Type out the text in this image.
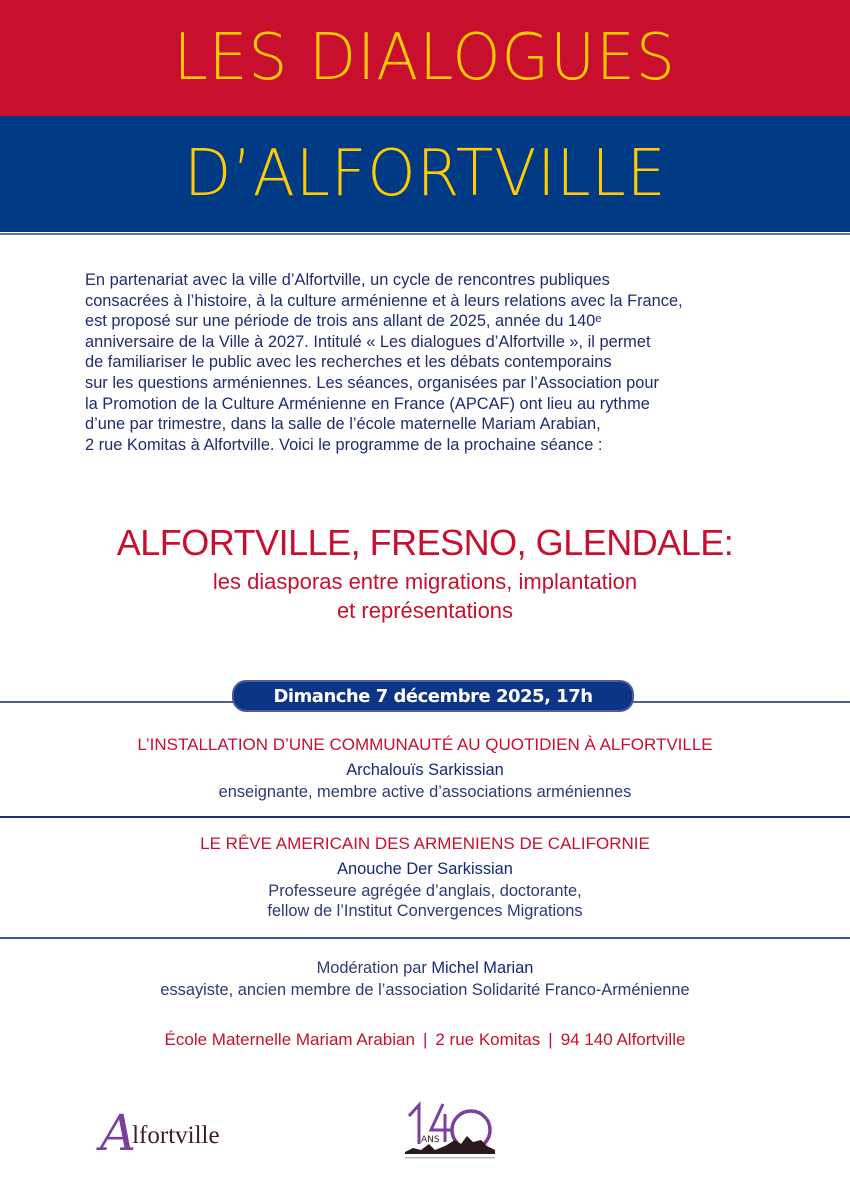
LES DIALOGUES
D’ALFORTVILLE

En partenariat avec la ville d’Alfortville, un cycle de rencontres publiques

consacrées à l’histoire, à la culture arménienne et à leurs relations avec la France,

est proposé sur une période de trois ans allant de 2025, année du 140ᵉ

anniversaire de la Ville à 2027. Intitulé « Les dialogues d’Alfortville », il permet

de familiariser le public avec les recherches et les débats contemporains

sur les questions arméniennes. Les séances, organisées par l’Association pour

la Promotion de la Culture Arménienne en France (APCAF) ont lieu au rythme

d’une par trimestre, dans la salle de l’école maternelle Mariam Arabian,

2 rue Komitas à Alfortville. Voici le programme de la prochaine séance :

ALFORTVILLE, FRESNO, GLENDALE:
les diasporas entre migrations, implantation
et représentations
Dimanche 7 décembre 2025, 17h
L’INSTALLATION D’UNE COMMUNAUTÉ AU QUOTIDIEN À ALFORTVILLE
Archalouïs Sarkissian
enseignante, membre active d’associations arméniennes
LE RÊVE AMERICAIN DES ARMENIENS DE CALIFORNIE
Anouche Der Sarkissian
Professeure agrégée d’anglais, doctorante,
fellow de l’Institut Convergences Migrations
Modération par Michel Marian
essayiste, ancien membre de l’association Solidarité Franco-Arménienne
École Maternelle Mariam Arabian | 2 rue Komitas | 94 140 Alfortville
A
lfortville	ANS
